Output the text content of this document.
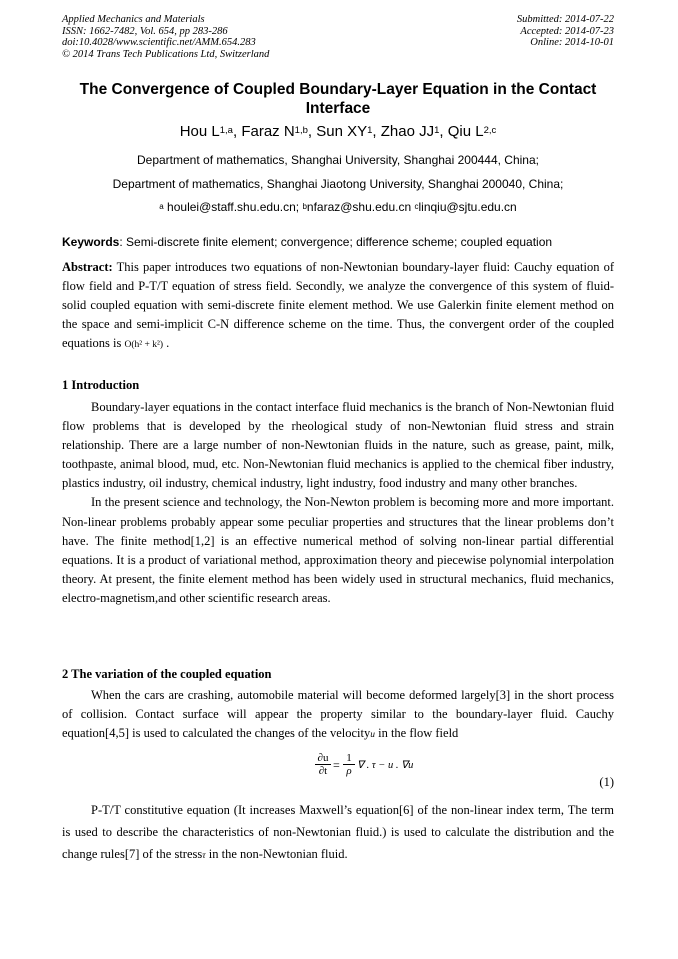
Applied Mechanics and Materials
ISSN: 1662-7482, Vol. 654, pp 283-286
doi:10.4028/www.scientific.net/AMM.654.283
© 2014 Trans Tech Publications Ltd, Switzerland
Submitted: 2014-07-22
Accepted: 2014-07-23
Online: 2014-10-01
The Convergence of Coupled Boundary-Layer Equation in the Contact
Interface
Hou L$^{1,a}$, Faraz N$^{1,b}$, Sun $XY^1$, Zhao $JJ^1$, Qiu L$^{2,c}$
Department of mathematics, Shanghai University, Shanghai 200444, China;
Department of mathematics, Shanghai Jiaotong University, Shanghai 200040, China;
$^a$ houlei@staff.shu.edu.cn; $^b$nfaraz@shu.edu.cn $^c$linqiu@sjtu.edu.cn
Keywords: Semi-discrete finite element; convergence; difference scheme; coupled equation

Abstract: This paper introduces two equations of non-Newtonian boundary-layer fluid: Cauchy equation of flow field and P-T/T equation of stress field. Secondly, we analyze the convergence of this system of fluid-solid coupled equation with semi-discrete finite element method. We use Galerkin finite element method on the space and semi-implicit C-N difference scheme on the time. Thus, the convergent order of the coupled equations is O(h² + k²) .

1 Introduction

Boundary-layer equations in the contact interface fluid mechanics is the branch of Non-Newtonian fluid flow problems that is developed by the rheological study of non-Newtonian fluid stress and strain relationship. There are a large number of non-Newtonian fluids in the nature, such as grease, paint, milk, toothpaste, animal blood, mud, etc. Non-Newtonian fluid mechanics is applied to the chemical fiber industry, plastics industry, oil industry, chemical industry, light industry, food industry and many other branches.

In the present science and technology, the Non-Newton problem is becoming more and more important. Non-linear problems probably appear some peculiar properties and structures that the linear problems don’t have. The finite method[1,2] is an effective numerical method of solving non-linear partial differential equations. It is a product of variational method, approximation theory and piecewise polynomial interpolation theory. At present, the finite element method has been widely used in structural mechanics, fluid mechanics, electro-magnetism,and other scientific research areas.

2 The variation of the coupled equation

When the cars are crashing, automobile material will become deformed largely[3] in the short process of collision. Contact surface will appear the property similar to the boundary-layer fluid. Cauchy equation[4,5] is used to calculated the changes of the velocityu in the flow field

$\frac{\partial u}{\partial t} = \frac{1}{\rho}$ ∇ . τ − u . ∇u
(1)

P-T/T constitutive equation (It increases Maxwell’s equation[6] of the non-linear index term, The term is used to describe the characteristics of non-Newtonian fluid.) is used to calculate the distribution and the change rules[7] of the stressτ in the non-Newtonian fluid.
